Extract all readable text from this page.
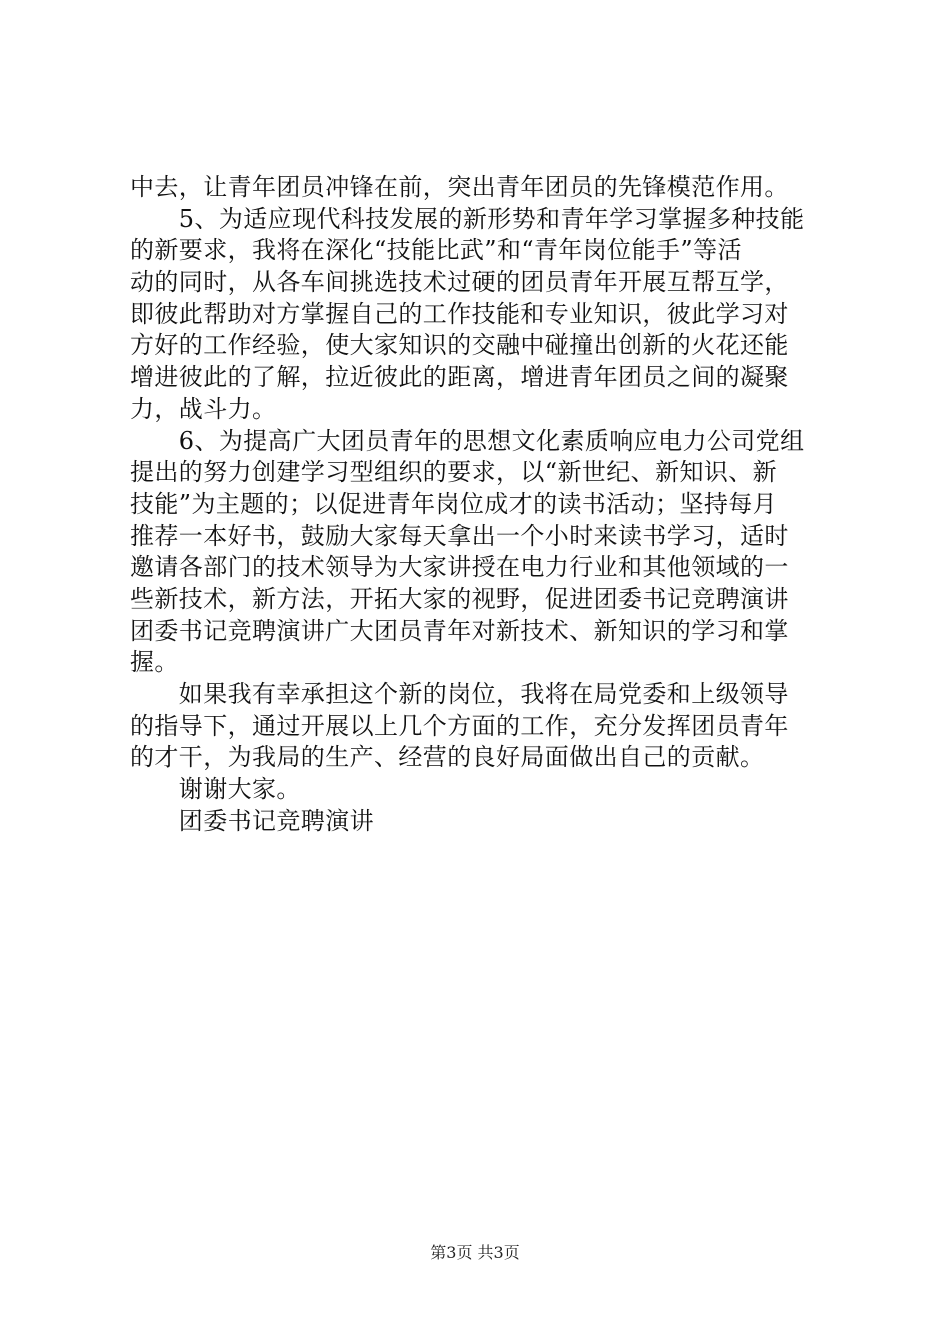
中去，让青年团员冲锋在前，突出青年团员的先锋模范作用。
　　5、为适应现代科技发展的新形势和青年学习掌握多种技能
的新要求，我将在深化“技能比武”和“青年岗位能手”等活
动的同时，从各车间挑选技术过硬的团员青年开展互帮互学，
即彼此帮助对方掌握自己的工作技能和专业知识，彼此学习对
方好的工作经验，使大家知识的交融中碰撞出创新的火花还能
增进彼此的了解，拉近彼此的距离，增进青年团员之间的凝聚
力，战斗力。
　　6、为提高广大团员青年的思想文化素质响应电力公司党组
提出的努力创建学习型组织的要求，以“新世纪、新知识、新
技能”为主题的；以促进青年岗位成才的读书活动；坚持每月
推荐一本好书，鼓励大家每天拿出一个小时来读书学习，适时
邀请各部门的技术领导为大家讲授在电力行业和其他领域的一
些新技术，新方法，开拓大家的视野，促进团委书记竞聘演讲
团委书记竞聘演讲广大团员青年对新技术、新知识的学习和掌
握。
　　如果我有幸承担这个新的岗位，我将在局党委和上级领导
的指导下，通过开展以上几个方面的工作，充分发挥团员青年
的才干，为我局的生产、经营的良好局面做出自己的贡献。
　　谢谢大家。
　　团委书记竞聘演讲
第3页 共3页
